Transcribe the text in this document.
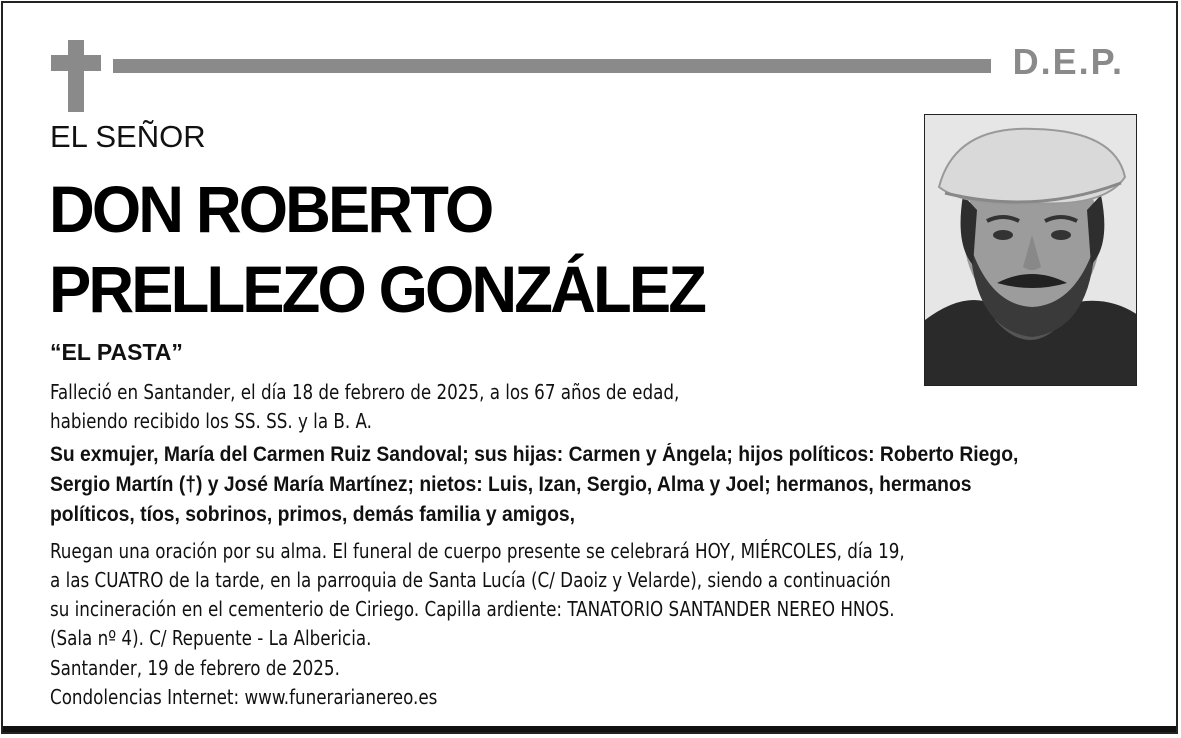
D.E.P.
EL SEÑOR
DON ROBERTO
PRELLEZO GONZÁLEZ
“EL PASTA”
Falleció en Santander, el día 18 de febrero de 2025, a los 67 años de edad,
habiendo recibido los SS. SS. y la B. A.
Su exmujer, María del Carmen Ruiz Sandoval; sus hijas: Carmen y Ángela; hijos políticos: Roberto Riego,
Sergio Martín (†) y José María Martínez; nietos: Luis, Izan, Sergio, Alma y Joel; hermanos, hermanos
políticos, tíos, sobrinos, primos, demás familia y amigos,
Ruegan una oración por su alma. El funeral de cuerpo presente se celebrará HOY, MIÉRCOLES, día 19,
a las CUATRO de la tarde, en la parroquia de Santa Lucía (C/ Daoiz y Velarde), siendo a continuación
su incineración en el cementerio de Ciriego. Capilla ardiente: TANATORIO SANTANDER NEREO HNOS.
(Sala nº 4). C/ Repuente - La Albericia.
Santander, 19 de febrero de 2025.
Condolencias Internet: www.funerarianereo.es
